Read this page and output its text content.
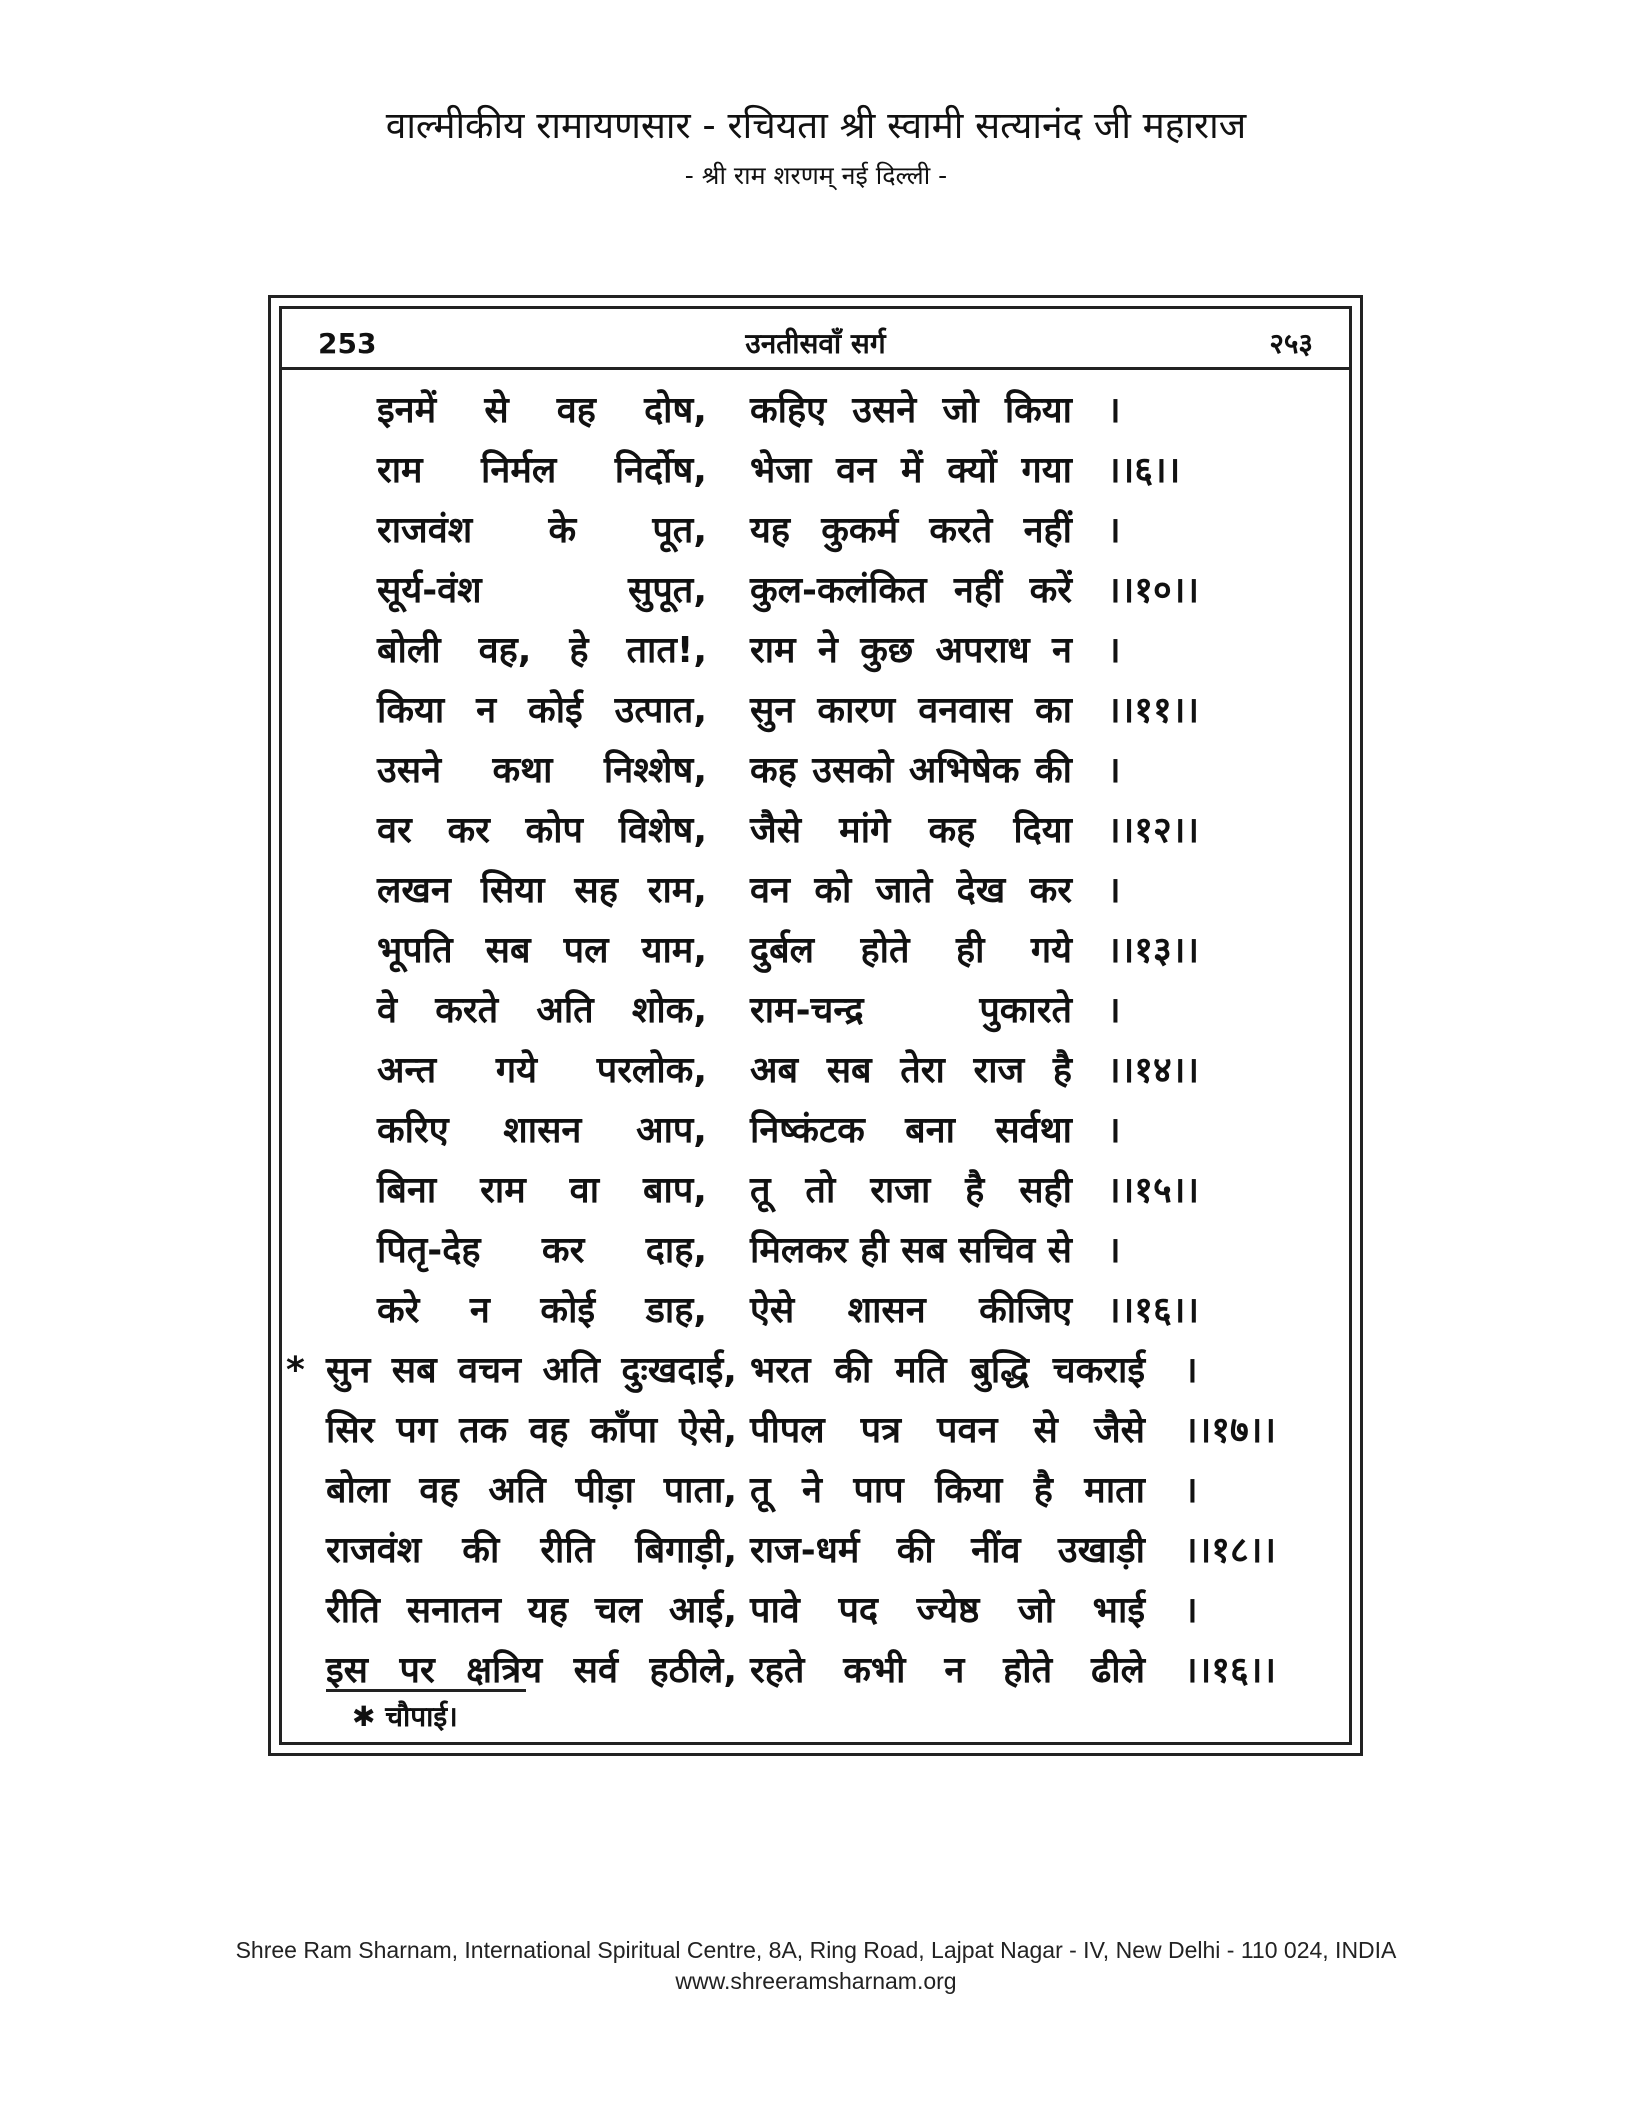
वाल्मीकीय रामायणसार - रचियता श्री स्वामी सत्यानंद जी महाराज
- श्री राम शरणम् नई दिल्ली -
253	उनतीसवाँ सर्ग	२५३
इनमें से वह दोष, कहिए उसने जो किया ।
राम निर्मल निर्दोष, भेजा वन में क्यों गया ।।६।।
राजवंश के पूत, यह कुकर्म करते नहीं ।
सूर्य-वंश सुपूत, कुल-कलंकित नहीं करें ।।१०।।
बोली वह, हे तात!, राम ने कुछ अपराध न ।
किया न कोई उत्पात, सुन कारण वनवास का ।।११।।
उसने कथा निश्शेष, कह उसको अभिषेक की ।
वर कर कोप विशेष, जैसे मांगे कह दिया ।।१२।।
लखन सिया सह राम, वन को जाते देख कर ।
भूपति सब पल याम, दुर्बल होते ही गये ।।१३।।
वे करते अति शोक, राम-चन्द्र पुकारते ।
अन्त गये परलोक, अब सब तेरा राज है ।।१४।।
करिए शासन आप, निष्कंटक बना सर्वथा ।
बिना राम वा बाप, तू तो राजा है सही ।।१५।।
पितृ-देह कर दाह, मिलकर ही सब सचिव से ।
करे न कोई डाह, ऐसे शासन कीजिए ।।१६।।
* सुन सब वचन अति दुःखदाई, भरत की मति बुद्धि चकराई ।
सिर पग तक वह काँपा ऐसे, पीपल पत्र पवन से जैसे ।।१७।।
बोला वह अति पीड़ा पाता, तू ने पाप किया है माता ।
राजवंश की रीति बिगाड़ी, राज-धर्म की नींव उखाड़ी ।।१८।।
रीति सनातन यह चल आई, पावे पद ज्येष्ठ जो भाई ।
इस पर क्षत्रिय सर्व हठीले, रहते कभी न होते ढीले ।।१६।।
✱ चौपाई।
Shree Ram Sharnam, International Spiritual Centre, 8A, Ring Road, Lajpat Nagar - IV, New Delhi - 110 024, INDIA
www.shreeramsharnam.org
